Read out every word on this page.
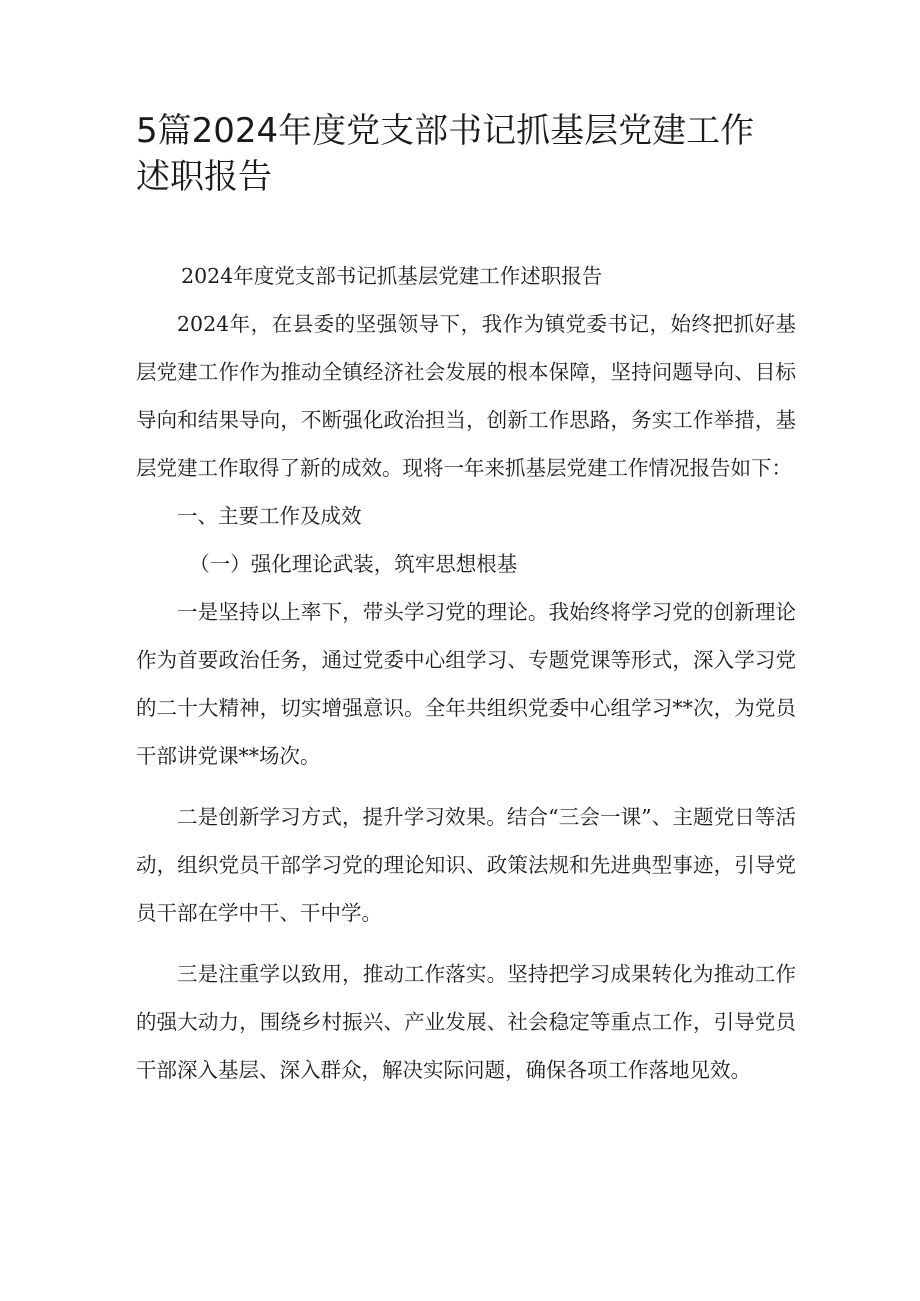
5篇2024年度党支部书记抓基层党建工作述职报告

2024年度党支部书记抓基层党建工作述职报告

2024年，在县委的坚强领导下，我作为镇党委书记，始终把抓好基层党建工作作为推动全镇经济社会发展的根本保障，坚持问题导向、目标导向和结果导向，不断强化政治担当，创新工作思路，务实工作举措，基层党建工作取得了新的成效。现将一年来抓基层党建工作情况报告如下：

一、主要工作及成效

（一）强化理论武装，筑牢思想根基

一是坚持以上率下，带头学习党的理论。我始终将学习党的创新理论作为首要政治任务，通过党委中心组学习、专题党课等形式，深入学习党的二十大精神，切实增强意识。全年共组织党委中心组学习**次，为党员干部讲党课**场次。

二是创新学习方式，提升学习效果。结合“三会一课”、主题党日等活动，组织党员干部学习党的理论知识、政策法规和先进典型事迹，引导党员干部在学中干、干中学。

三是注重学以致用，推动工作落实。坚持把学习成果转化为推动工作的强大动力，围绕乡村振兴、产业发展、社会稳定等重点工作，引导党员干部深入基层、深入群众，解决实际问题，确保各项工作落地见效。
